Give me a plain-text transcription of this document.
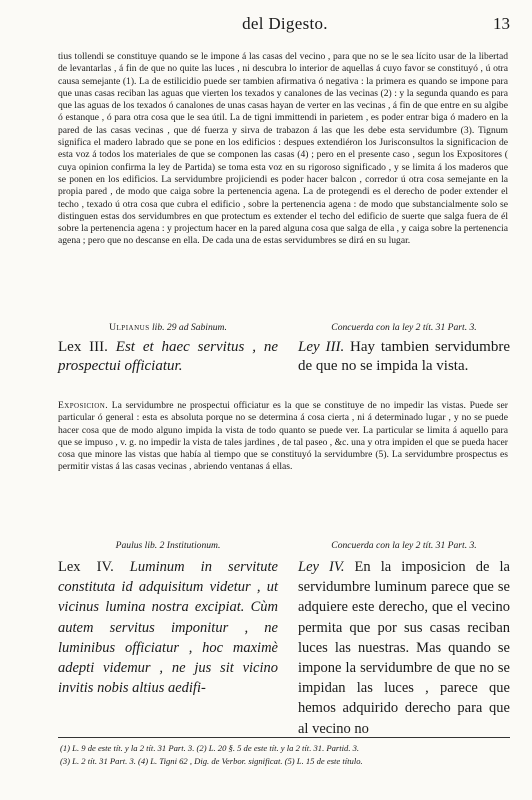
del Digesto.	13

tius tollendi se constituye quando se le impone á las casas del vecino , para que no se le sea lícito usar de la libertad de levantarlas , á fin de que no quite las luces , ni descubra lo interior de aquellas á cuyo favor se constituyó , ú otra causa semejante (1). La de estilicidio puede ser tambien afirmativa ó negativa : la primera es quando se impone para que unas casas reciban las aguas que vierten los texados y canalones de las vecinas (2) : y la segunda quando es para que las aguas de los texados ó canalones de unas casas hayan de verter en las vecinas , á fin de que entre en su algibe ó estanque , ó para otra cosa que le sea útil. La de tigni immittendi in parietem , es poder entrar biga ó madero en la pared de las casas vecinas , que dé fuerza y sirva de trabazon á las que les debe esta servidumbre (3). Tignum significa el madero labrado que se pone en los edificios : despues extendiéron los Jurisconsultos la significacion de esta voz á todos los materiales de que se componen las casas (4) ; pero en el presente caso , segun los Expositores ( cuya opinion confirma la ley de Partida) se toma esta voz en su rigoroso significado , y se limita á los maderos que se ponen en los edificios. La servidumbre projiciendi es poder hacer balcon , corredor ú otra cosa semejante en la propia pared , de modo que caiga sobre la pertenencia agena. La de protegendi es el derecho de poder extender el techo , texado ú otra cosa que cubra el edificio , sobre la pertenencia agena : de modo que substancialmente solo se distinguen estas dos servidumbres en que protectum es extender el techo del edificio de suerte que salga fuera de él sobre la pertenencia agena : y projectum hacer en la pared alguna cosa que salga de ella , y caiga sobre la pertenencia agena ; pero que no descanse en ella. De cada una de estas servidumbres se dirá en su lugar.

Ulpianus lib. 29 ad Sabinum.
Lex III. Est et haec servitus , ne prospectui officiatur.
Concuerda con la ley 2 tít. 31 Part. 3.
Ley III. Hay tambien servidumbre de que no se impida la vista.
Exposicion. La servidumbre ne prospectui officiatur es la que se constituye de no impedir las vistas. Puede ser particular ó general : esta es absoluta porque no se determina á cosa cierta , ni á determinado lugar , y no se puede hacer cosa que de modo alguno impida la vista de todo quanto se puede ver. La particular se limita á aquello para que se impuso , v. g. no impedir la vista de tales jardines , de tal paseo , &c. una y otra impiden el que se pueda hacer cosa que minore las vistas que había al tiempo que se constituyó la servidumbre (5). La servidumbre prospectus es permitir vistas á las casas vecinas , abriendo ventanas á ellas.
Paulus lib. 2 Institutionum.
Lex IV. Luminum in servitute constituta id adquisitum videtur , ut vicinus lumina nostra excipiat. Cùm autem servitus imponitur , ne luminibus officiatur , hoc maximè adepti videmur , ne jus sit vicino invitis nobis altius aedifi-
Concuerda con la ley 2 tít. 31 Part. 3.
Ley IV. En la imposicion de la servidumbre luminum parece que se adquiere este derecho, que el vecino permita que por sus casas reciban luces las nuestras. Mas quando se impone la servidumbre de que no se impidan las luces , parece que hemos adquirido derecho para que al vecino no
(1) L. 9 de este tít. y la 2 tít. 31 Part. 3. (2) L. 20 §. 5 de este tít. y la 2 tít. 31. Partid. 3.
(3) L. 2 tít. 31 Part. 3. (4) L. Tigni 62 , Dig. de Verbor. significat. (5) L. 15 de este título.
